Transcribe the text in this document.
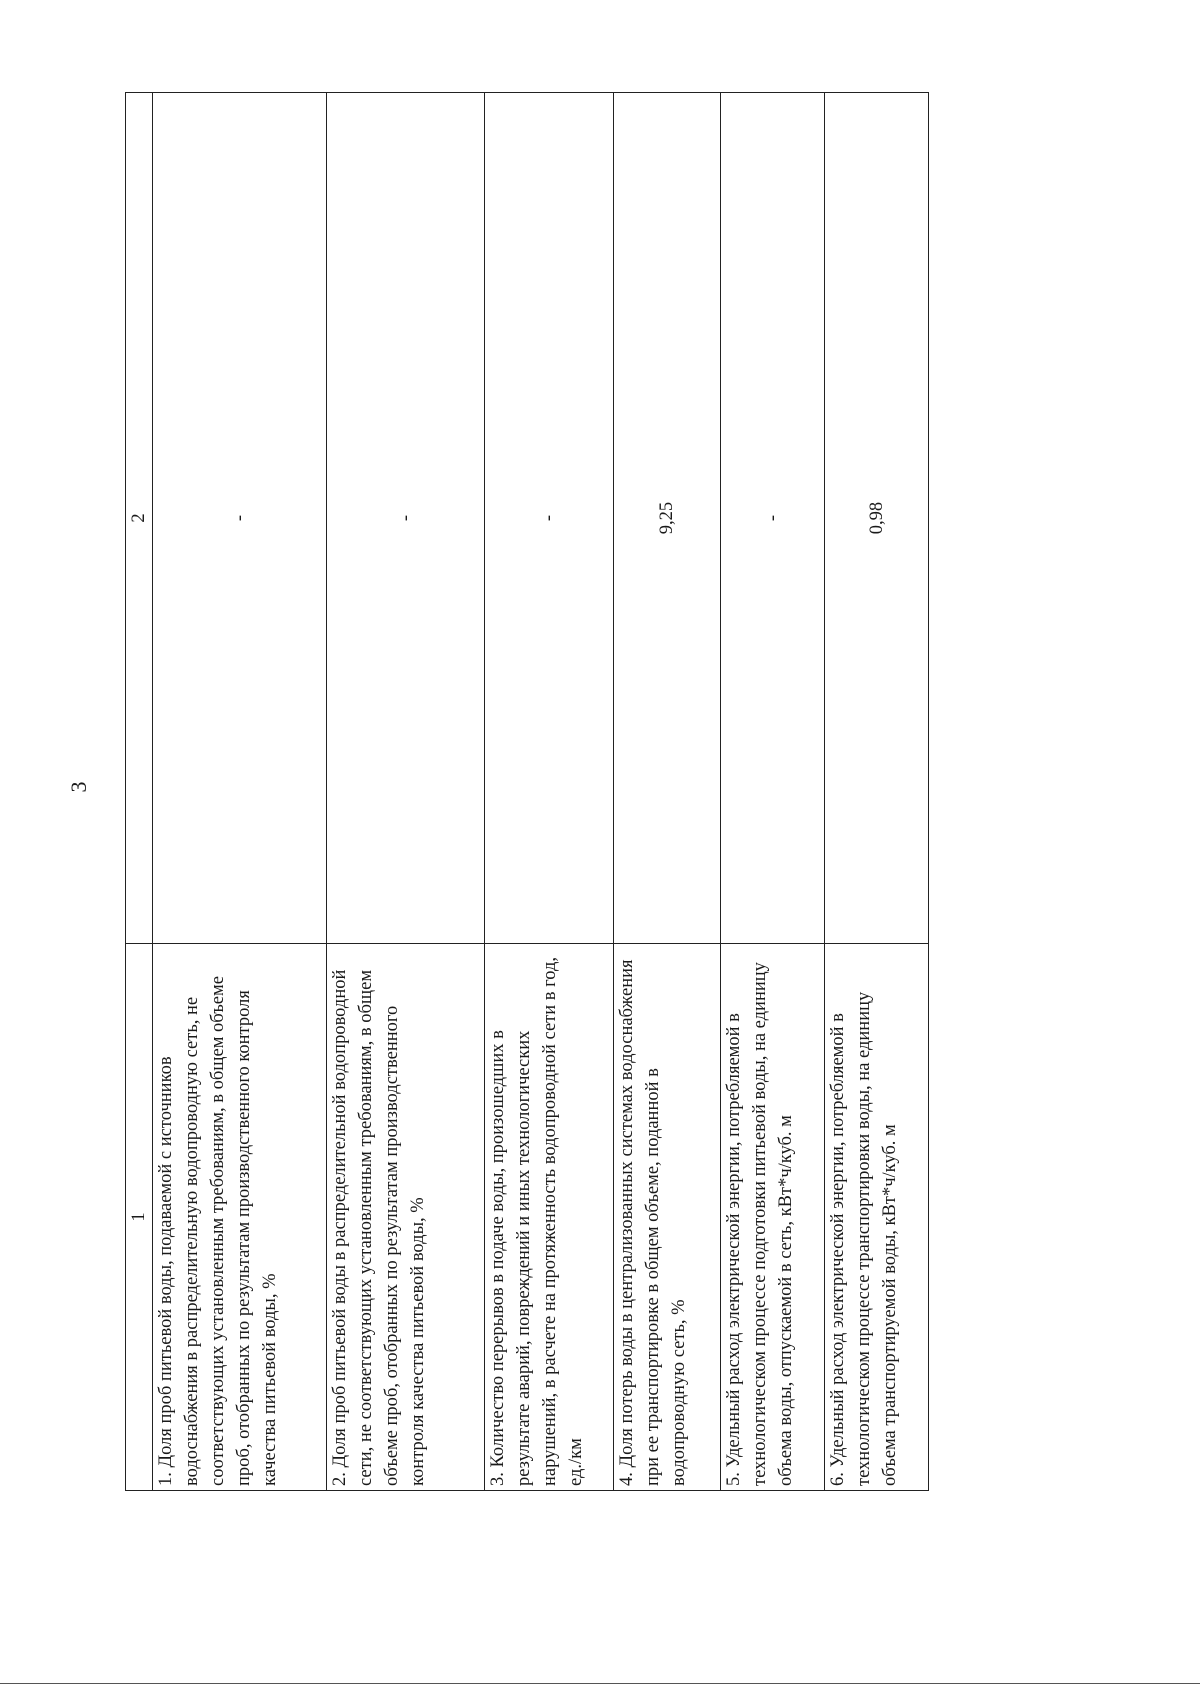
3
1	2
1. Доля проб питьевой воды, подаваемой с источников водоснабжения в распределительную водопроводную сеть, не соответствующих установленным требованиям, в общем объеме проб, отобранных по результатам производственного контроля качества питьевой воды, %	-
2. Доля проб питьевой воды в распределительной водопроводной сети, не соответствующих установленным требованиям, в общем объеме проб, отобранных по результатам производственного контроля качества питьевой воды, %	-
3. Количество перерывов в подаче воды, произошедших в результате аварий, повреждений и иных технологических нарушений, в расчете на протяженность водопроводной сети в год, ед./км	-
4. Доля потерь воды в централизованных системах водоснабжения при ее транспортировке в общем объеме, поданной в водопроводную сеть, %	9,25
5. Удельный расход электрической энергии, потребляемой в технологическом процессе подготовки питьевой воды, на единицу объема воды, отпускаемой в сеть, кВт*ч/куб. м	-
6. Удельный расход электрической энергии, потребляемой в технологическом процессе транспортировки воды, на единицу объема транспортируемой воды, кВт*ч/куб. м	0,98
